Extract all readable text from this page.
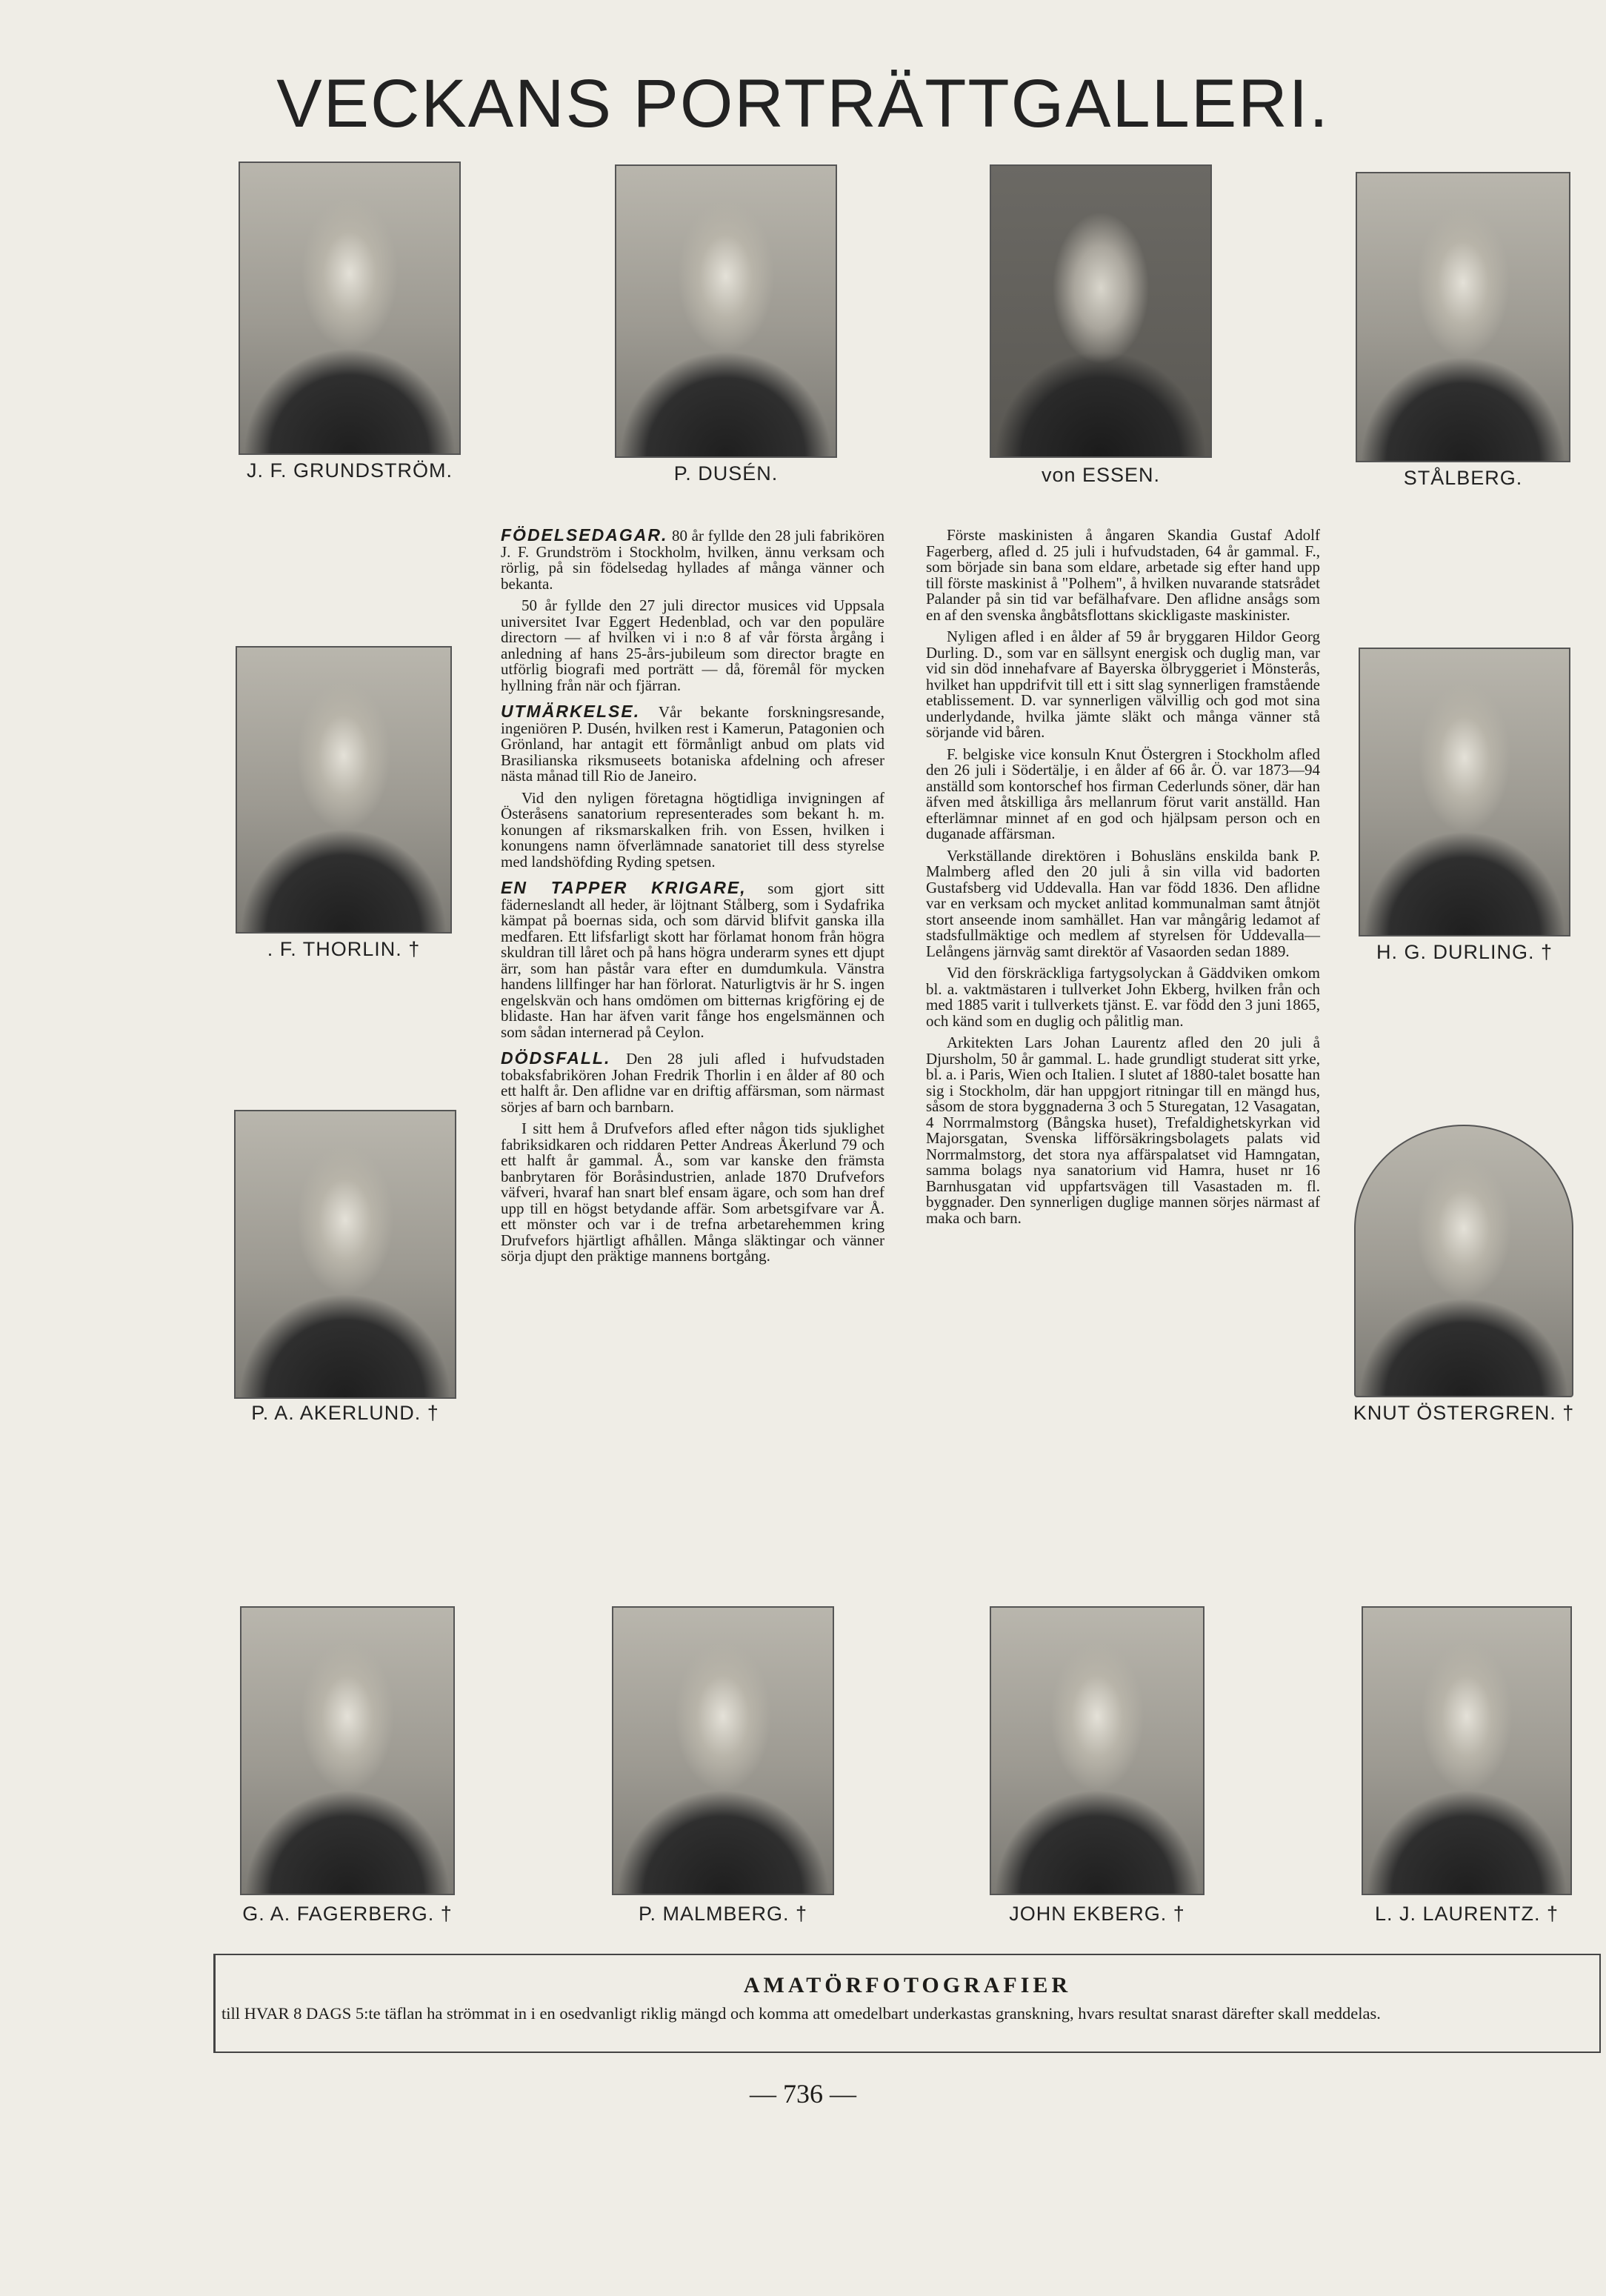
VECKANS PORTRÄTTGALLERI.
J. F. GRUNDSTRÖM.	P. DUSÉN.	von ESSEN.	STÅLBERG.
. F. THORLIN. †	H. G. DURLING. †
P. A. AKERLUND. †	KNUT ÖSTERGREN. †
G. A. FAGERBERG. †	P. MALMBERG. †	JOHN EKBERG. †	L. J. LAURENTZ. †

FÖDELSEDAGAR. 80 år fyllde den 28 juli fabrikören J. F. Grundström i Stockholm, hvilken, ännu verksam och rörlig, på sin födelsedag hyllades af många vänner och bekanta.

50 år fyllde den 27 juli director musices vid Uppsala universitet Ivar Eggert Hedenblad, och var den populäre directorn — af hvilken vi i n:o 8 af vår första årgång i anledning af hans 25-års-jubileum som director bragte en utförlig biografi med porträtt — då, föremål för mycken hyllning från när och fjärran.

UTMÄRKELSE. Vår bekante forskningsresande, ingeniören P. Dusén, hvilken rest i Kamerun, Patagonien och Grönland, har antagit ett förmånligt anbud om plats vid Brasilianska riksmuseets botaniska afdelning och afreser nästa månad till Rio de Janeiro.

Vid den nyligen företagna högtidliga invigningen af Österåsens sanatorium representerades som bekant h. m. konungen af riksmarskalken frih. von Essen, hvilken i konungens namn öfverlämnade sanatoriet till dess styrelse med landshöfding Ryding spetsen.

EN TAPPER KRIGARE, som gjort sitt fäderneslandt all heder, är löjtnant Stålberg, som i Sydafrika kämpat på boernas sida, och som därvid blifvit ganska illa medfaren. Ett lifsfarligt skott har förlamat honom från högra skuldran till låret och på hans högra underarm synes ett djupt ärr, som han påstår vara efter en dumdumkula. Vänstra handens lillfinger har han förlorat. Naturligtvis är hr S. ingen engelskvän och hans omdömen om bitternas krigföring ej de blidaste. Han har äfven varit fånge hos engelsmännen och som sådan internerad på Ceylon.

DÖDSFALL. Den 28 juli afled i hufvudstaden tobaksfabrikören Johan Fredrik Thorlin i en ålder af 80 och ett halft år. Den aflidne var en driftig affärsman, som närmast sörjes af barn och barnbarn.

I sitt hem å Drufvefors afled efter någon tids sjuklighet fabriksidkaren och riddaren Petter Andreas Åkerlund 79 och ett halft år gammal. Å., som var kanske den främsta banbrytaren för Boråsindustrien, anlade 1870 Drufvefors väfveri, hvaraf han snart blef ensam ägare, och som han dref upp till en högst betydande affär. Som arbetsgifvare var Å. ett mönster och var i de trefna arbetarehemmen kring Drufvefors hjärtligt afhållen. Många släktingar och vänner sörja djupt den präktige mannens bortgång.

Förste maskinisten å ångaren Skandia Gustaf Adolf Fagerberg, afled d. 25 juli i hufvudstaden, 64 år gammal. F., som började sin bana som eldare, arbetade sig efter hand upp till förste maskinist å "Polhem", å hvilken nuvarande statsrådet Palander på sin tid var befälhafvare. Den aflidne ansågs som en af den svenska ångbåtsflottans skickligaste maskinister.

Nyligen afled i en ålder af 59 år bryggaren Hildor Georg Durling. D., som var en sällsynt energisk och duglig man, var vid sin död innehafvare af Bayerska ölbryggeriet i Mönsterås, hvilket han uppdrifvit till ett i sitt slag synnerligen framstående etablissement. D. var synnerligen välvillig och god mot sina underlydande, hvilka jämte släkt och många vänner stå sörjande vid båren.

F. belgiske vice konsuln Knut Östergren i Stockholm afled den 26 juli i Södertälje, i en ålder af 66 år. Ö. var 1873—94 anställd som kontorschef hos firman Cederlunds söner, där han äfven med åtskilliga års mellanrum förut varit anställd. Han efterlämnar minnet af en god och hjälpsam person och en duganade affärsman.

Verkställande direktören i Bohusläns enskilda bank P. Malmberg afled den 20 juli å sin villa vid badorten Gustafsberg vid Uddevalla. Han var född 1836. Den aflidne var en verksam och mycket anlitad kommunalman samt åtnjöt stort anseende inom samhället. Han var mångårig ledamot af stadsfullmäktige och medlem af styrelsen för Uddevalla—Lelångens järnväg samt direktör af Vasaorden sedan 1889.

Vid den förskräckliga fartygsolyckan å Gäddviken omkom bl. a. vaktmästaren i tullverket John Ekberg, hvilken från och med 1885 varit i tullverkets tjänst. E. var född den 3 juni 1865, och känd som en duglig och pålitlig man.

Arkitekten Lars Johan Laurentz afled den 20 juli å Djursholm, 50 år gammal. L. hade grundligt studerat sitt yrke, bl. a. i Paris, Wien och Italien. I slutet af 1880-talet bosatte han sig i Stockholm, där han uppgjort ritningar till en mängd hus, såsom de stora byggnaderna 3 och 5 Sturegatan, 12 Vasagatan, 4 Norrmalmstorg (Bångska huset), Trefaldighetskyrkan vid Majorsgatan, Svenska lifförsäkringsbolagets palats vid Norrmalmstorg, det stora nya affärspalatset vid Hamngatan, samma bolags nya sanatorium vid Hamra, huset nr 16 Barnhusgatan vid uppfartsvägen till Vasastaden m. fl. byggnader. Den synnerligen duglige mannen sörjes närmast af maka och barn.

AMATÖRFOTOGRAFIER
till HVAR 8 DAGS 5:te täflan ha strömmat in i en osedvanligt riklig mängd och komma att omedelbart underkastas granskning, hvars resultat snarast därefter skall meddelas.
— 736 —
